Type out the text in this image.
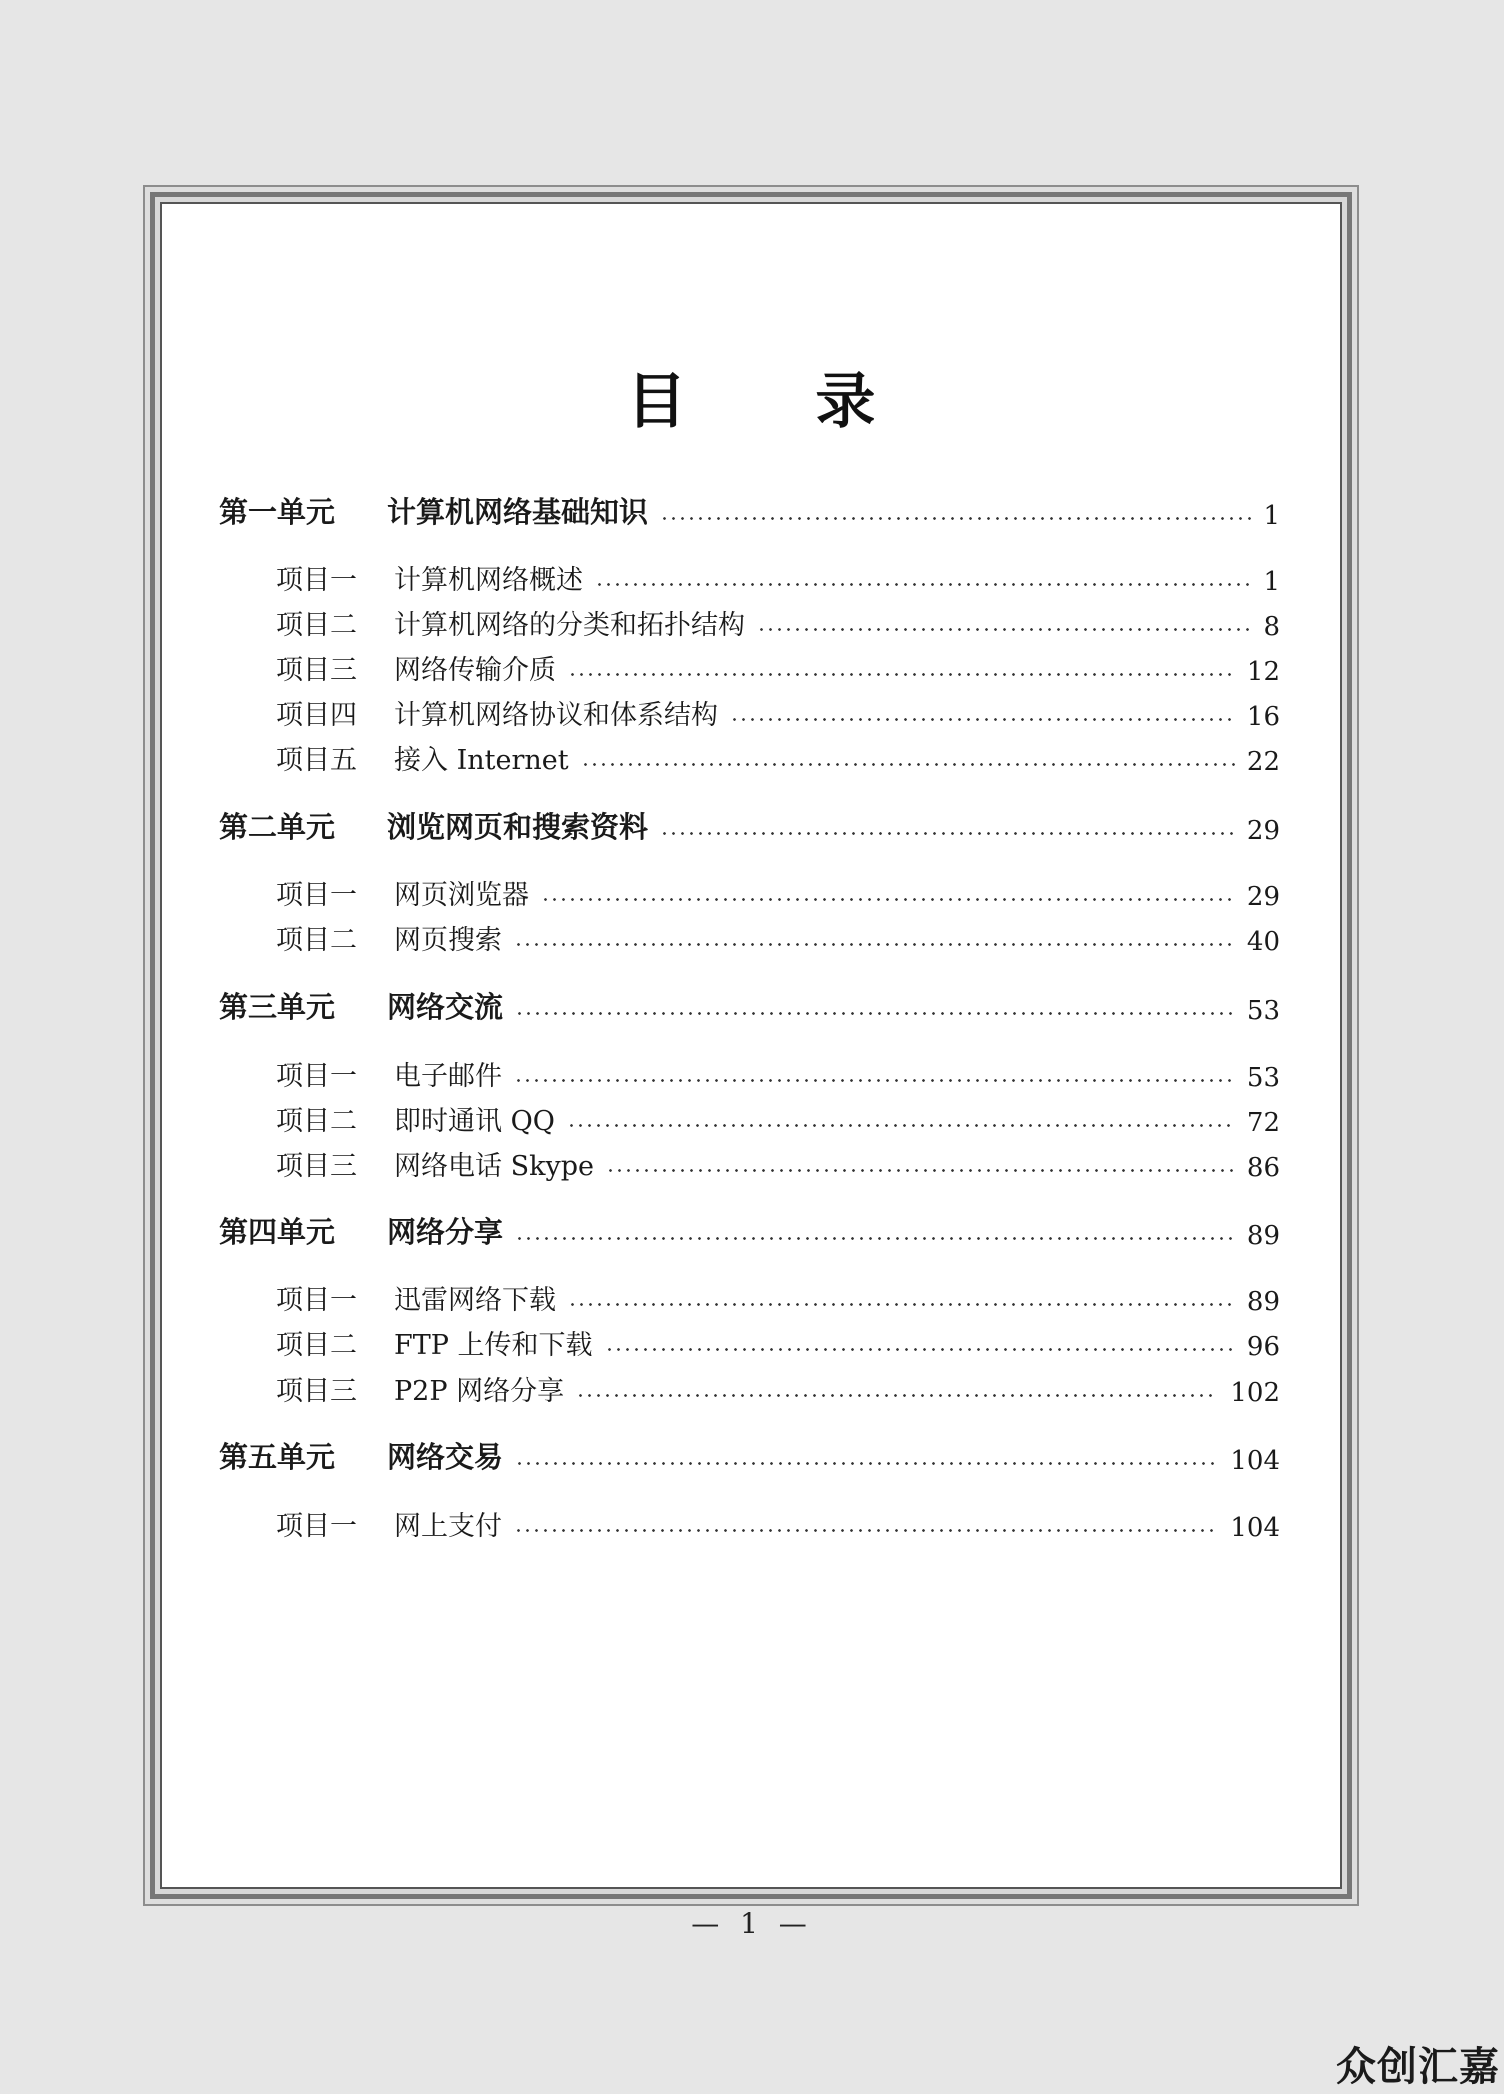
目 录
第一单元	计算机网络基础知识	1
项目一	计算机网络概述	1
项目二	计算机网络的分类和拓扑结构	8
项目三	网络传输介质	12
项目四	计算机网络协议和体系结构	16
项目五	接入 Internet	22
第二单元	浏览网页和搜索资料	29
项目一	网页浏览器	29
项目二	网页搜索	40
第三单元	网络交流	53
项目一	电子邮件	53
项目二	即时通讯 QQ	72
项目三	网络电话 Skype	86
第四单元	网络分享	89
项目一	迅雷网络下载	89
项目二	FTP 上传和下载	96
项目三	P2P 网络分享	102
第五单元	网络交易	104
项目一	网上支付	104
— 1 —
众创汇嘉
